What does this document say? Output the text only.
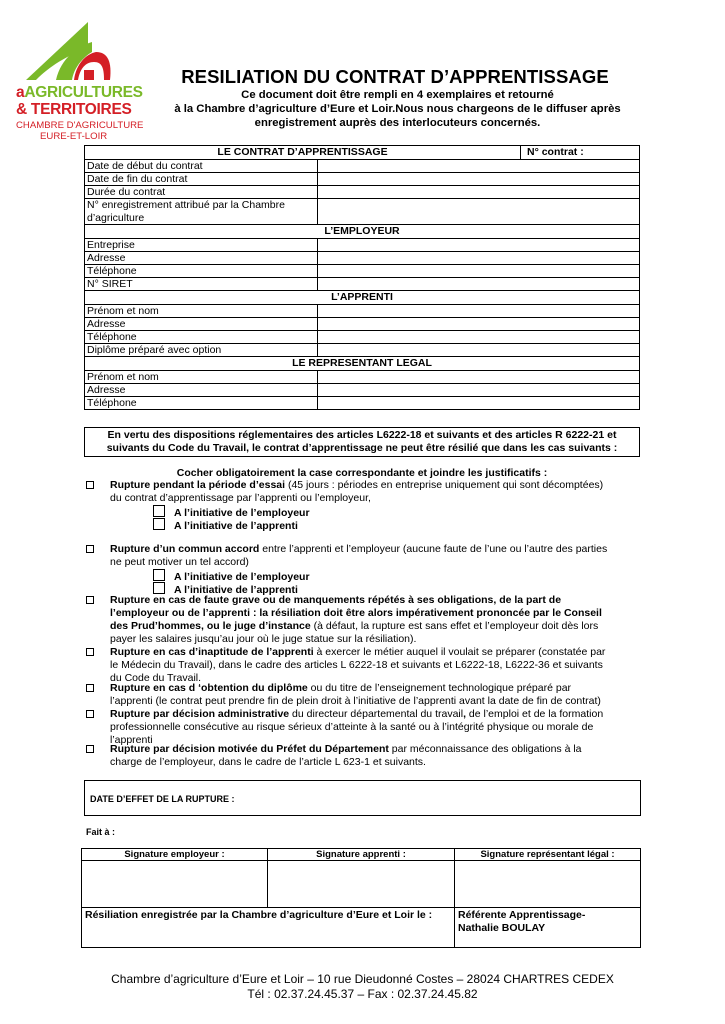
aAGRICULTURES
& TERRITOIRES
CHAMBRE D'AGRICULTURE
EURE-ET-LOIR
RESILIATION DU CONTRAT D’APPRENTISSAGE
Ce document doit être rempli en 4 exemplaires et retourné
à la Chambre d’agriculture d’Eure et Loir.Nous nous chargeons de le diffuser après
enregistrement auprès des interlocuteurs concernés.
LE CONTRAT D’APPRENTISSAGE		N° contrat :
Date de début du contrat		
Date de fin du contrat		
Durée du contrat		
N° enregistrement attribué par la Chambre d’agriculture		
L’EMPLOYEUR		
Entreprise		
Adresse		
Téléphone		
N° SIRET		
L’APPRENTI		
Prénom et nom		
Adresse		
Téléphone		
Diplôme préparé avec option		
LE REPRESENTANT LEGAL		
Prénom et nom		
Adresse		
Téléphone		
En vertu des dispositions réglementaires des articles L6222-18 et suivants et des articles R 6222-21 et
suivants du Code du Travail, le contrat d’apprentissage ne peut être résilié que dans les cas suivants :
Cocher obligatoirement la case correspondante et joindre les justificatifs :
Rupture pendant la période d’essai (45 jours : périodes en entreprise uniquement qui sont décomptées)
du contrat d’apprentissage par l’apprenti ou l’employeur,
A l’initiative de l’employeur
A l’initiative de l’apprenti
Rupture d’un commun accord entre l’apprenti et l’employeur (aucune faute de l’une ou l’autre des parties
ne peut motiver un tel accord)
A l’initiative de l’employeur
A l’initiative de l’apprenti
Rupture en cas de faute grave ou de manquements répétés à ses obligations, de la part de
l’employeur ou de l’apprenti : la résiliation doit être alors impérativement prononcée par le Conseil
des Prud’hommes, ou le juge d’instance (à défaut, la rupture est sans effet et l’employeur doit dès lors
payer les salaires jusqu’au jour où le juge statue sur la résiliation).
Rupture en cas d’inaptitude de l’apprenti à exercer le métier auquel il voulait se préparer (constatée par
le Médecin du Travail), dans le cadre des articles L 6222-18 et suivants et L6222-18, L6222-36 et suivants
du Code du Travail.
Rupture en cas d ‘obtention du diplôme ou du titre de l’enseignement technologique préparé par
l’apprenti (le contrat peut prendre fin de plein droit à l’initiative de l’apprenti avant la date de fin de contrat)
Rupture par décision administrative du directeur départemental du travail, de l’emploi et de la formation
professionnelle consécutive au risque sérieux d’atteinte à la santé ou à l’intégrité physique ou morale de
l’apprenti
Rupture par décision motivée du Préfet du Département par méconnaissance des obligations à la
charge de l’employeur, dans le cadre de l’article L 623-1 et suivants.
DATE D’EFFET DE LA RUPTURE :
Fait à :
Signature employeur :	Signature apprenti :	Signature représentant légal :

Résiliation enregistrée par la Chambre d’agriculture d’Eure et Loir le :		Référente Apprentissage-
Nathalie BOULAY
Chambre d’agriculture d’Eure et Loir – 10 rue Dieudonné Costes – 28024 CHARTRES CEDEX
Tél : 02.37.24.45.37 – Fax : 02.37.24.45.82
